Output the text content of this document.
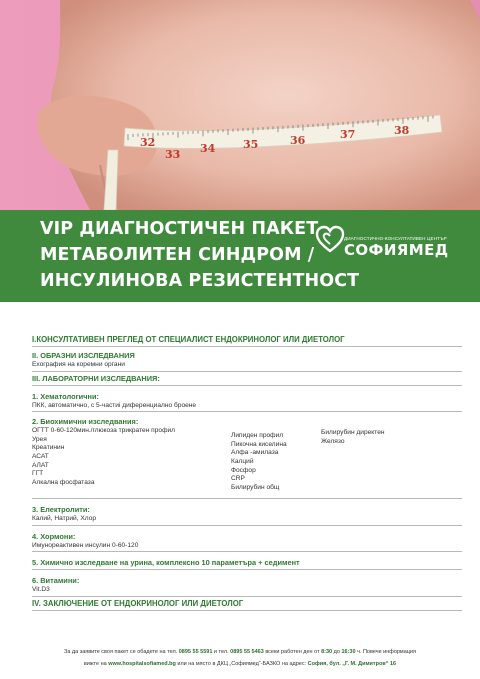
32
33 34	35	36	37	38
VIP ДИАГНОСТИЧЕН ПАКЕТ
МЕТАБОЛИТЕН СИНДРОМ /
ИНСУЛИНОВА РЕЗИСТЕНТНОСТ
ДИАГНОСТИЧНО-КОНСУЛТАТИВЕН ЦЕНТЪР
СОФИЯМЕД
I.КОНСУЛТАТИВЕН ПРЕГЛЕД ОТ СПЕЦИАЛИСТ ЕНДОКРИНОЛОГ ИЛИ ДИЕТОЛОГ
II. ОБРАЗНИ ИЗСЛЕДВАНИЯ
Ехография на коремни органи
III. ЛАБОРАТОРНИ ИЗСЛЕДВАНИЯ:
1. Хематологични:
ПКК, автоматично, с 5-частиi диференциално броене
2. Биохимични изследвания:
ОГТТ 0-60-120мин./глюкоза трикратен профил
Урея
Креатинин
АСАТ
АЛАТ
ГГТ
Алкална фосфатаза
Липиден профил
Пикочна киселина
Алфа -амилаза
Калций
Фосфор
CRP
Билирубин общ
Билирубин директен
Желязо
3. Електролити:
Калий, Натрий, Хлор
4. Хормони:
Имунореактивен инсулин 0-60-120
5. Химично изследване на урина, комплексно 10 параметъра + седимент
6. Витамини:
Vit.D3
IV. ЗАКЛЮЧЕНИЕ ОТ ЕНДОКРИНОЛОГ ИЛИ ДИЕТОЛОГ
За да заявите своя пакет се обадете на тел. 0895 55 5591 и тел. 0895 55 5463 всеки работен ден от 8:30 до 16:30 ч. Повече информация
вижте на www.hospitalsofiamed.bg или на място в ДКЦ „Софиямед“-БАЗКО на адрес: София, бул. „Г. М. Димитров“ 16
